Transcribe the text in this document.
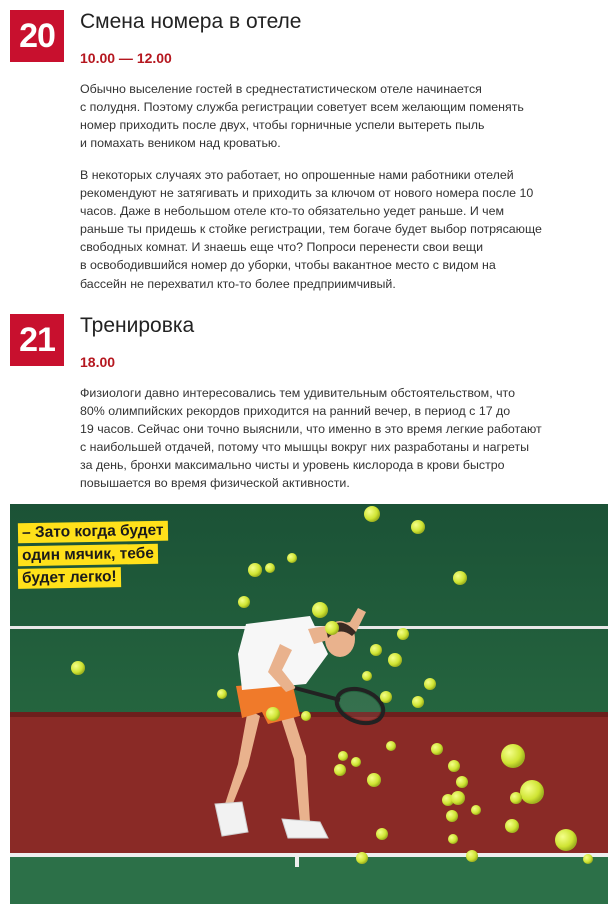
20	Смена номера в отеле
10.00 — 12.00

Обычно выселение гостей в среднестатистическом отеле начинается
с полудня. Поэтому служба регистрации советует всем желающим поменять
номер приходить после двух, чтобы горничные успели вытереть пыль
и помахать веником над кроватью.

В некоторых случаях это работает, но опрошенные нами работники отелей
рекомендуют не затягивать и приходить за ключом от нового номера после 10
часов. Даже в небольшом отеле кто-то обязательно уедет раньше. И чем
раньше ты придешь к стойке регистрации, тем богаче будет выбор потрясающе
свободных комнат. И знаешь еще что? Попроси перенести свои вещи
в освободившийся номер до уборки, чтобы вакантное место с видом на
бассейн не перехватил кто-то более предприимчивый.

21	Тренировка
18.00

Физиологи давно интересовались тем удивительным обстоятельством, что
80% олимпийских рекордов приходится на ранний вечер, в период с 17 до
19 часов. Сейчас они точно выяснили, что именно в это время легкие работают
с наибольшей отдачей, потому что мышцы вокруг них разработаны и нагреты
за день, бронхи максимально чисты и уровень кислорода в крови быстро
повышается во время физической активности.

– Зато когда будет
один мячик, тебе
будет легко!
